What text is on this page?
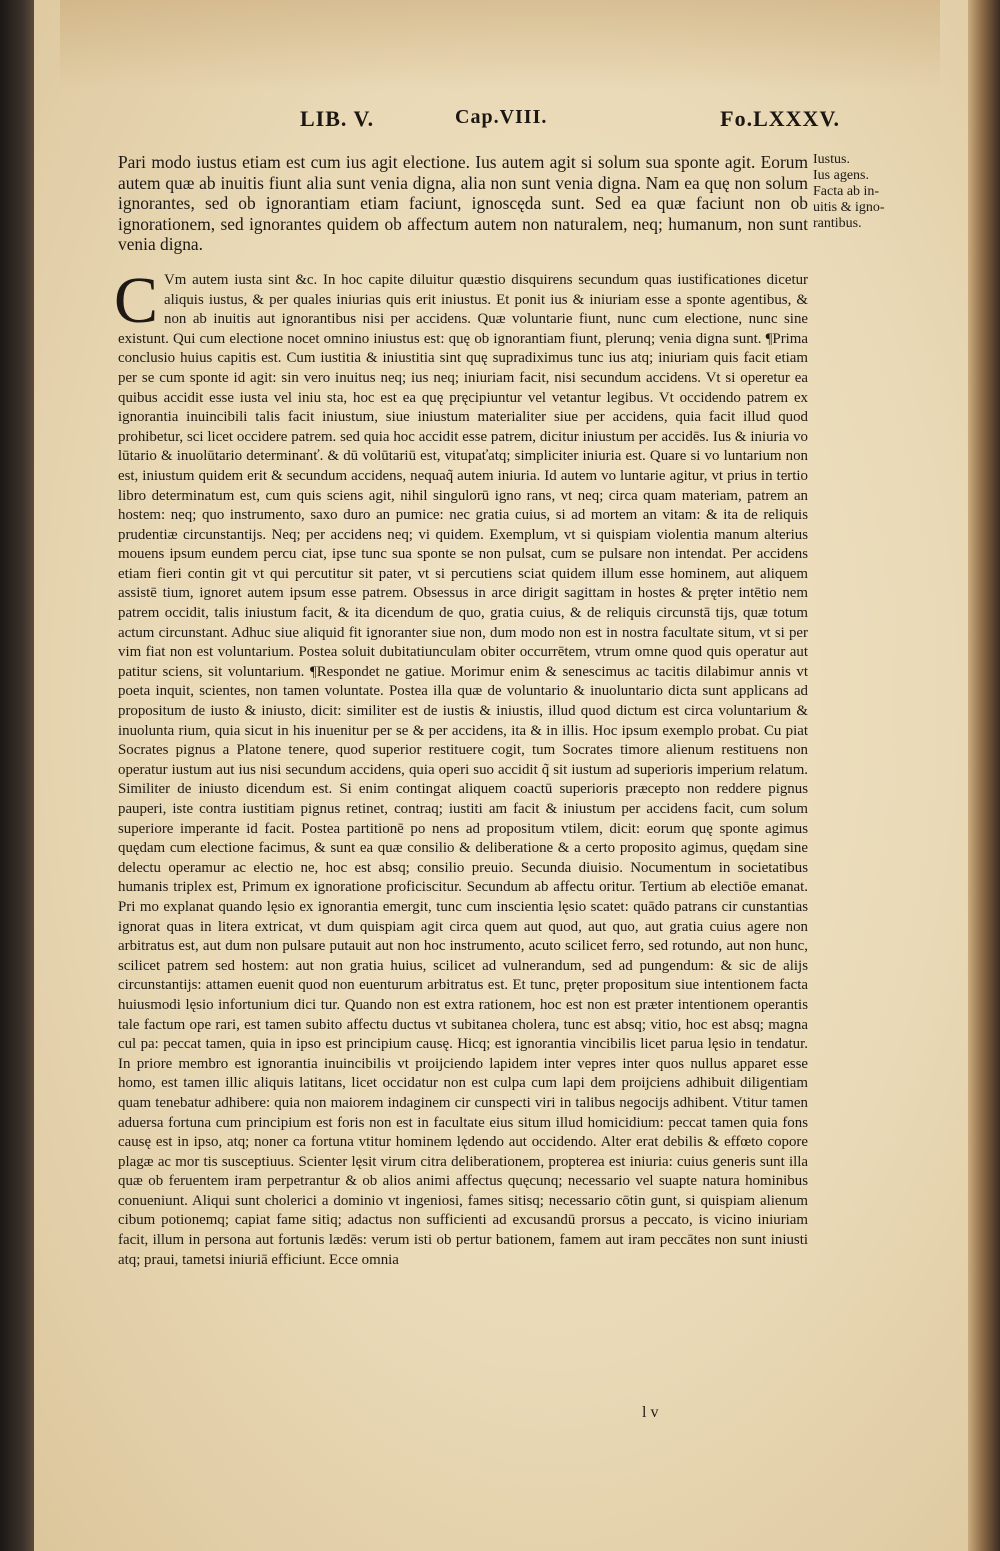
LIB. V.	Cap.VIII.	Fo.LXXXV.

Pari modo iustus etiam est cum ius agit electione. Ius autem agit si solum sua sponte agit. Eorum autem quæ ab inuitis fiunt alia sunt venia digna, alia non sunt venia digna. Nam ea quę non solum ignorantes, sed ob ignorantiam etiam faciunt, ignoscęda sunt. Sed ea quæ faciunt non ob ignorationem, sed ignorantes quidem ob affectum autem non naturalem, neq; humanum, non sunt venia digna.

C Vm autem iusta sint &c. In hoc capite diluitur quæstio disquirens secundum quas iustificationes dicetur aliquis iustus, & per quales iniurias quis erit iniustus. Et ponit ius & iniuriam esse a sponte agentibus, & non ab inuitis aut ignorantibus nisi per accidens. Quæ voluntarie fiunt, nunc cum electione, nunc sine existunt. Qui cum electione nocet omnino iniustus est: quę ob ignorantiam fiunt, plerunq; venia digna sunt. ¶Prima conclusio huius capitis est. Cum iustitia & iniustitia sint quę supradiximus tunc ius atq; iniuriam quis facit etiam per se cum sponte id agit: sin vero inuitus neq; ius neq; iniuriam facit, nisi secundum accidens. Vt si operetur ea quibus accidit esse iusta vel iniu sta, hoc est ea quę pręcipiuntur vel vetantur legibus. Vt occidendo patrem ex ignorantia inuincibili talis facit iniustum, siue iniustum materialiter siue per accidens, quia facit illud quod prohibetur, sci licet occidere patrem. sed quia hoc accidit esse patrem, dicitur iniustum per accidēs. Ius & iniuria vo lūtario & inuolūtario determinanť. & dū volūtariū est, vitupaťatq; simpliciter iniuria est. Quare si vo luntarium non est, iniustum quidem erit & secundum accidens, nequaq̃ autem iniuria. Id autem vo luntarie agitur, vt prius in tertio libro determinatum est, cum quis sciens agit, nihil singulorū igno rans, vt neq; circa quam materiam, patrem an hostem: neq; quo instrumento, saxo duro an pumice: nec gratia cuius, si ad mortem an vitam: & ita de reliquis prudentiæ circunstantijs. Neq; per accidens neq; vi quidem. Exemplum, vt si quispiam violentia manum alterius mouens ipsum eundem percu ciat, ipse tunc sua sponte se non pulsat, cum se pulsare non intendat. Per accidens etiam fieri contin git vt qui percutitur sit pater, vt si percutiens sciat quidem illum esse hominem, aut aliquem assistē tium, ignoret autem ipsum esse patrem. Obsessus in arce dirigit sagittam in hostes & pręter intētio nem patrem occidit, talis iniustum facit, & ita dicendum de quo, gratia cuius, & de reliquis circunstā tijs, quæ totum actum circunstant. Adhuc siue aliquid fit ignoranter siue non, dum modo non est in nostra facultate situm, vt si per vim fiat non est voluntarium. Postea soluit dubitatiunculam obiter occurrētem, vtrum omne quod quis operatur aut patitur sciens, sit voluntarium. ¶Respondet ne gatiue. Morimur enim & senescimus ac tacitis dilabimur annis vt poeta inquit, scientes, non tamen voluntate. Postea illa quæ de voluntario & inuoluntario dicta sunt applicans ad propositum de iusto & iniusto, dicit: similiter est de iustis & iniustis, illud quod dictum est circa voluntarium & inuolunta rium, quia sicut in his inuenitur per se & per accidens, ita & in illis. Hoc ipsum exemplo probat. Cu piat Socrates pignus a Platone tenere, quod superior restituere cogit, tum Socrates timore alienum restituens non operatur iustum aut ius nisi secundum accidens, quia operi suo accidit q̃ sit iustum ad superioris imperium relatum. Similiter de iniusto dicendum est. Si enim contingat aliquem coactū superioris præcepto non reddere pignus pauperi, iste contra iustitiam pignus retinet, contraq; iustiti am facit & iniustum per accidens facit, cum solum superiore imperante id facit. Postea partitionē po nens ad propositum vtilem, dicit: eorum quę sponte agimus quędam cum electione facimus, & sunt ea quæ consilio & deliberatione & a certo proposito agimus, quędam sine delectu operamur ac electio ne, hoc est absq; consilio preuio. Secunda diuisio. Nocumentum in societatibus humanis triplex est, Primum ex ignoratione proficiscitur. Secundum ab affectu oritur. Tertium ab electiōe emanat. Pri mo explanat quando lęsio ex ignorantia emergit, tunc cum inscientia lęsio scatet: quādo patrans cir cunstantias ignorat quas in litera extricat, vt dum quispiam agit circa quem aut quod, aut quo, aut gratia cuius agere non arbitratus est, aut dum non pulsare putauit aut non hoc instrumento, acuto scilicet ferro, sed rotundo, aut non hunc, scilicet patrem sed hostem: aut non gratia huius, scilicet ad vulnerandum, sed ad pungendum: & sic de alijs circunstantijs: attamen euenit quod non euenturum arbitratus est. Et tunc, pręter propositum siue intentionem facta huiusmodi lęsio infortunium dici tur. Quando non est extra rationem, hoc est non est præter intentionem operantis tale factum ope rari, est tamen subito affectu ductus vt subitanea cholera, tunc est absq; vitio, hoc est absq; magna cul pa: peccat tamen, quia in ipso est principium causę. Hicq; est ignorantia vincibilis licet parua lęsio in tendatur. In priore membro est ignorantia inuincibilis vt proijciendo lapidem inter vepres inter quos nullus apparet esse homo, est tamen illic aliquis latitans, licet occidatur non est culpa cum lapi dem proijciens adhibuit diligentiam quam tenebatur adhibere: quia non maiorem indaginem cir cunspecti viri in talibus negocijs adhibent. Vtitur tamen aduersa fortuna cum principium est foris non est in facultate eius situm illud homicidium: peccat tamen quia fons causę est in ipso, atq; noner ca fortuna vtitur hominem lędendo aut occidendo. Alter erat debilis & effœto copore plagæ ac mor tis susceptiuus. Scienter lęsit virum citra deliberationem, propterea est iniuria: cuius generis sunt illa quæ ob feruentem iram perpetrantur & ob alios animi affectus quęcunq; necessario vel suapte natura hominibus conueniunt. Aliqui sunt cholerici a dominio vt ingeniosi, fames sitisq; necessario cōtin gunt, si quispiam alienum cibum potionemq; capiat fame sitiq; adactus non sufficienti ad excusandū prorsus a peccato, is vicino iniuriam facit, illum in persona aut fortunis lædēs: verum isti ob pertur bationem, famem aut iram peccātes non sunt iniusti atq; praui, tametsi iniuriā efficiunt. Ecce omnia

Iustus.
Ius agens.
Facta ab in-
uitis & igno-
rantibus.
l v
